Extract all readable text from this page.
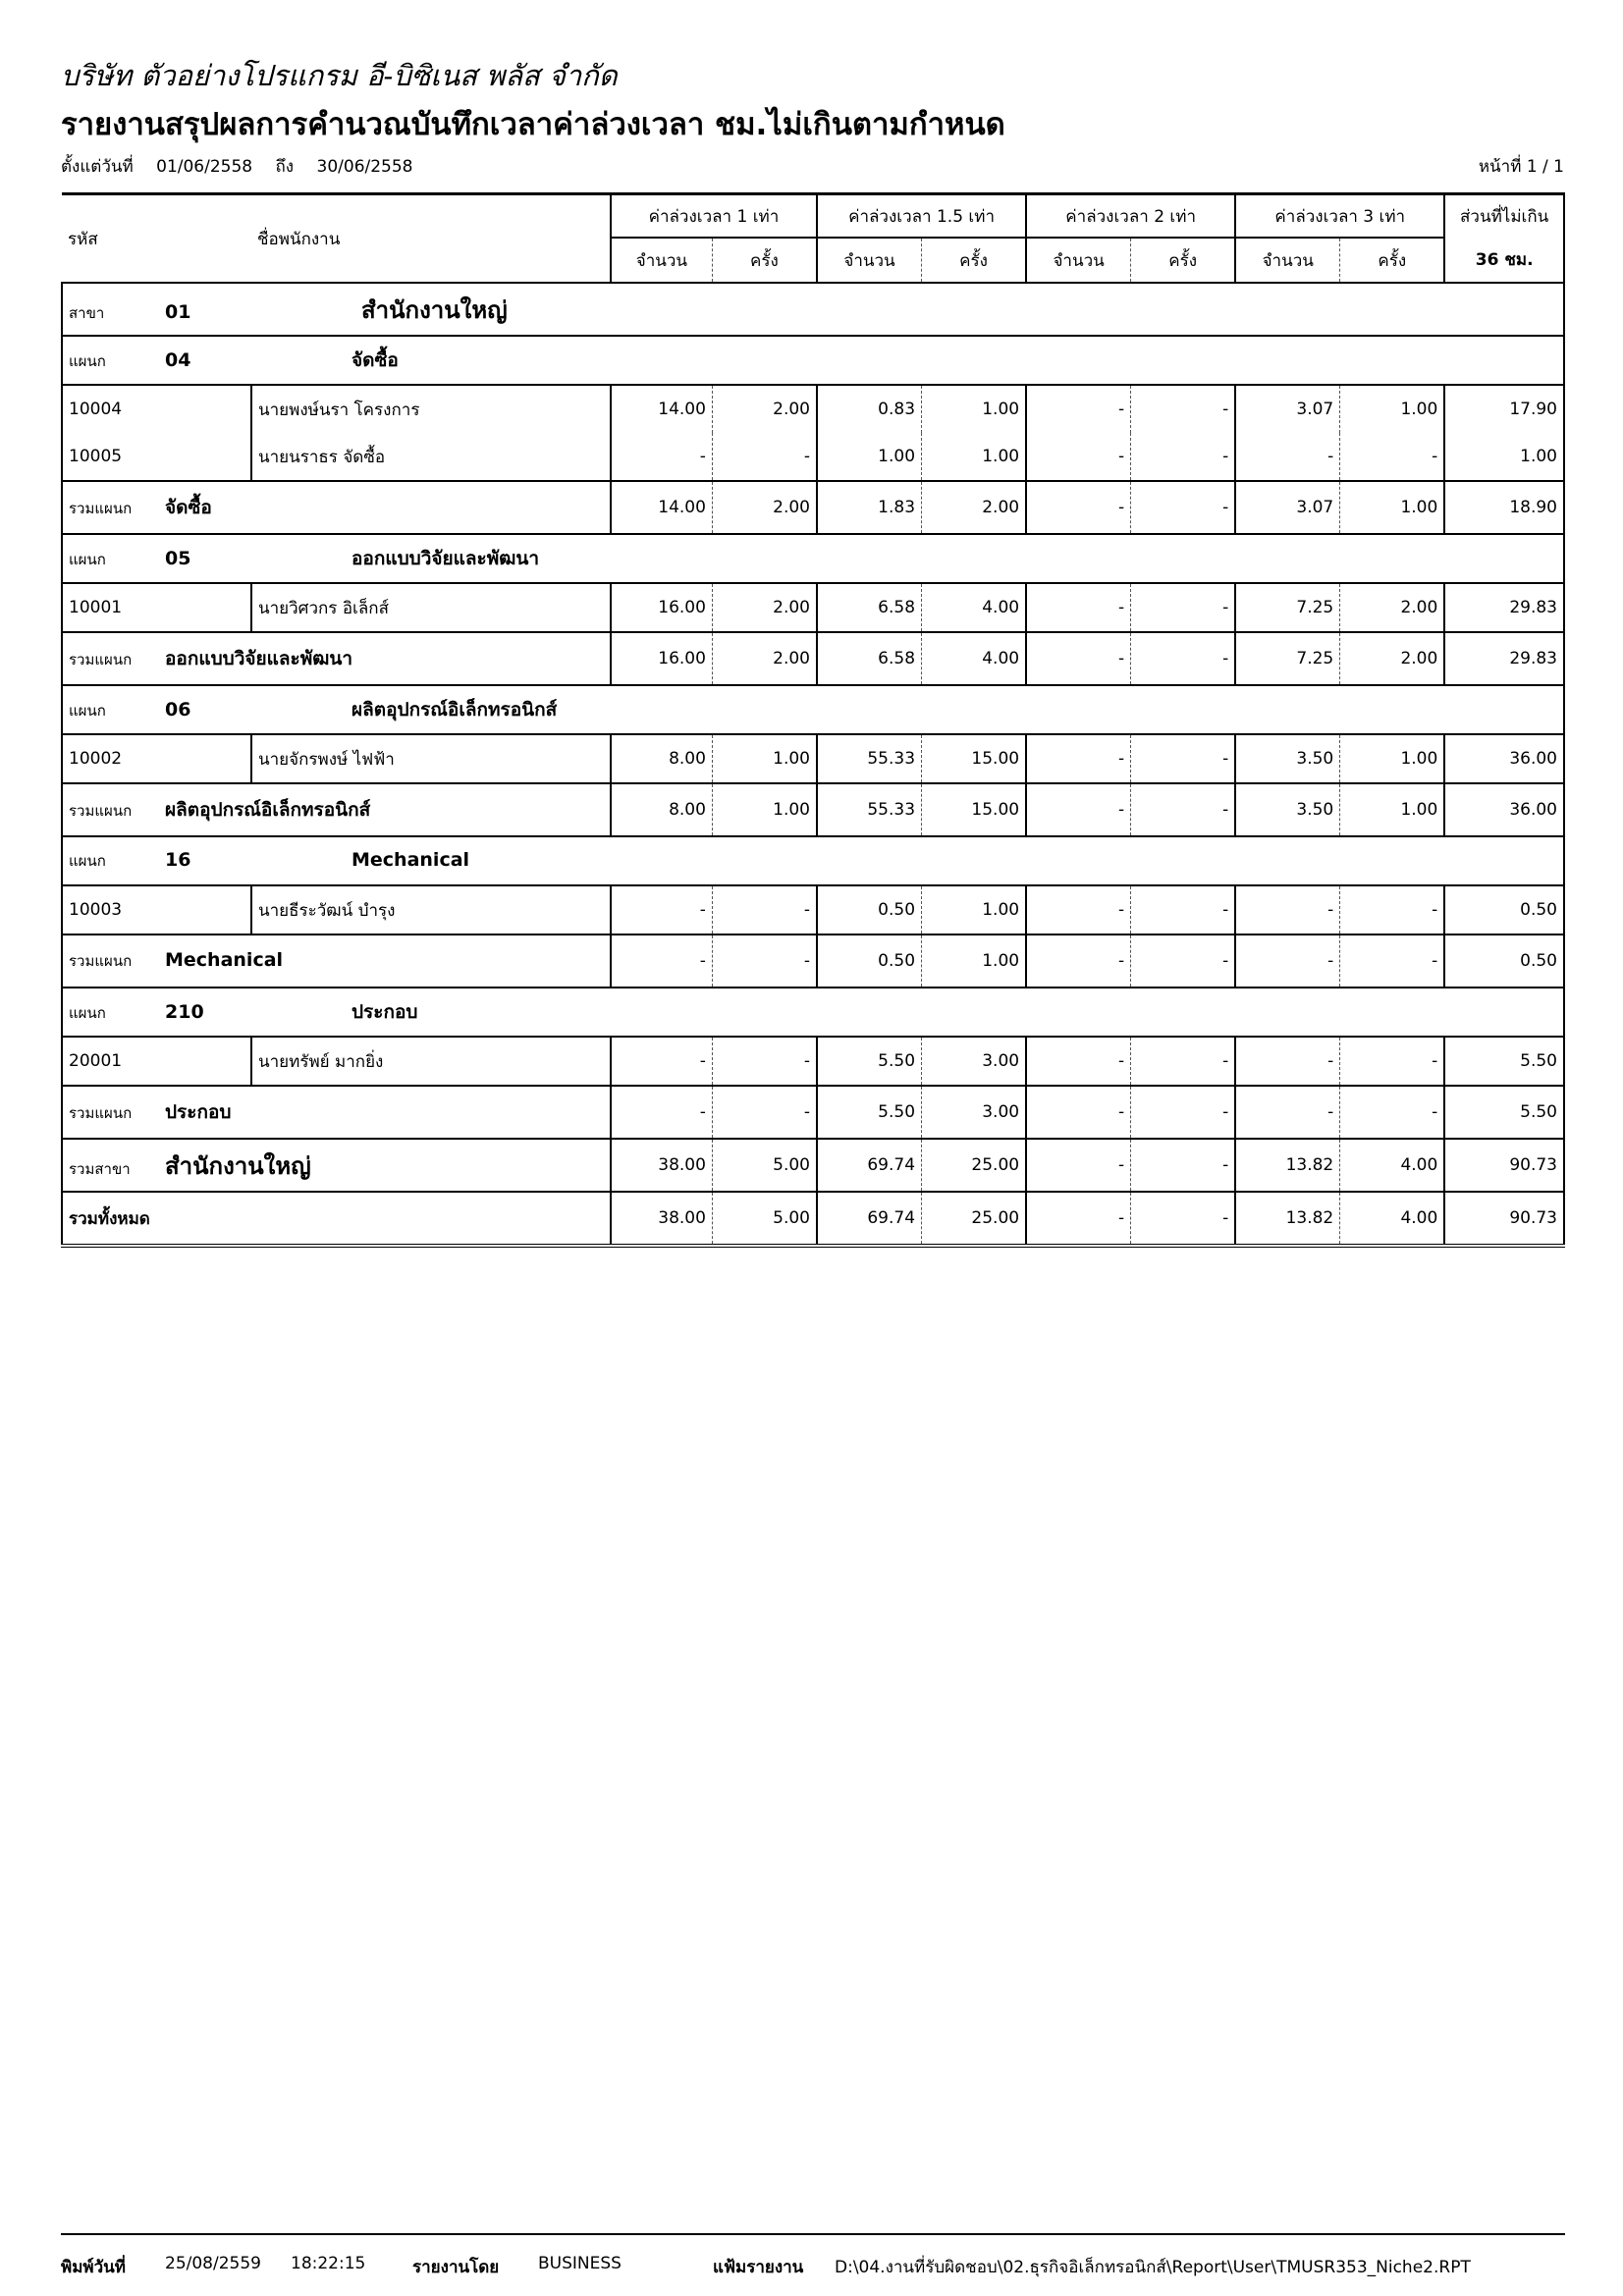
บริษัท ตัวอย่างโปรแกรม อี-บิซิเนส พลัส จำกัด
รายงานสรุปผลการคำนวณบันทึกเวลาค่าล่วงเวลา ชม.ไม่เกินตามกำหนด
ตั้งแต่วันที่ 01/06/2558 ถึง 30/06/2558	หน้าที่ 1 / 1
รหัส	ชื่อพนักงาน	ค่าล่วงเวลา 1 เท่า		ค่าล่วงเวลา 1.5 เท่า		ค่าล่วงเวลา 2 เท่า		ค่าล่วงเวลา 3 เท่า		ส่วนที่ไม่เกิน
		จำนวน	ครั้ง	จำนวน	ครั้ง	จำนวน	ครั้ง	จำนวน	ครั้ง	36 ชม.
สาขา 01 สำนักงานใหญ่										
แผนก 04 จัดซื้อ										
10004	นายพงษ์นรา โครงการ	14.00	2.00	0.83	1.00	-	-	3.07	1.00	17.90
10005	นายนราธร จัดซื้อ	-	-	1.00	1.00	-	-	-	-	1.00
รวมแผนก จัดซื้อ		14.00	2.00	1.83	2.00	-	-	3.07	1.00	18.90
แผนก 05 ออกแบบวิจัยและพัฒนา										
10001	นายวิศวกร อิเล็กส์	16.00	2.00	6.58	4.00	-	-	7.25	2.00	29.83
รวมแผนก ออกแบบวิจัยและพัฒนา		16.00	2.00	6.58	4.00	-	-	7.25	2.00	29.83
แผนก 06 ผลิตอุปกรณ์อิเล็กทรอนิกส์										
10002	นายจักรพงษ์ ไฟฟ้า	8.00	1.00	55.33	15.00	-	-	3.50	1.00	36.00
รวมแผนก ผลิตอุปกรณ์อิเล็กทรอนิกส์		8.00	1.00	55.33	15.00	-	-	3.50	1.00	36.00
แผนก 16 Mechanical										
10003	นายธีระวัฒน์ บำรุง	-	-	0.50	1.00	-	-	-	-	0.50
รวมแผนก Mechanical		-	-	0.50	1.00	-	-	-	-	0.50
แผนก 210 ประกอบ										
20001	นายทรัพย์ มากยิ่ง	-	-	5.50	3.00	-	-	-	-	5.50
รวมแผนก ประกอบ		-	-	5.50	3.00	-	-	-	-	5.50
รวมสาขา สำนักงานใหญ่		38.00	5.00	69.74	25.00	-	-	13.82	4.00	90.73
รวมทั้งหมด		38.00	5.00	69.74	25.00	-	-	13.82	4.00	90.73
พิมพ์วันที่ 25/08/2559 18:22:15	รายงานโดย BUSINESS	แฟ้มรายงาน D:\04.งานที่รับผิดชอบ\02.ธุรกิจอิเล็กทรอนิกส์\Report\User\TMUSR353_Niche2.RPT
